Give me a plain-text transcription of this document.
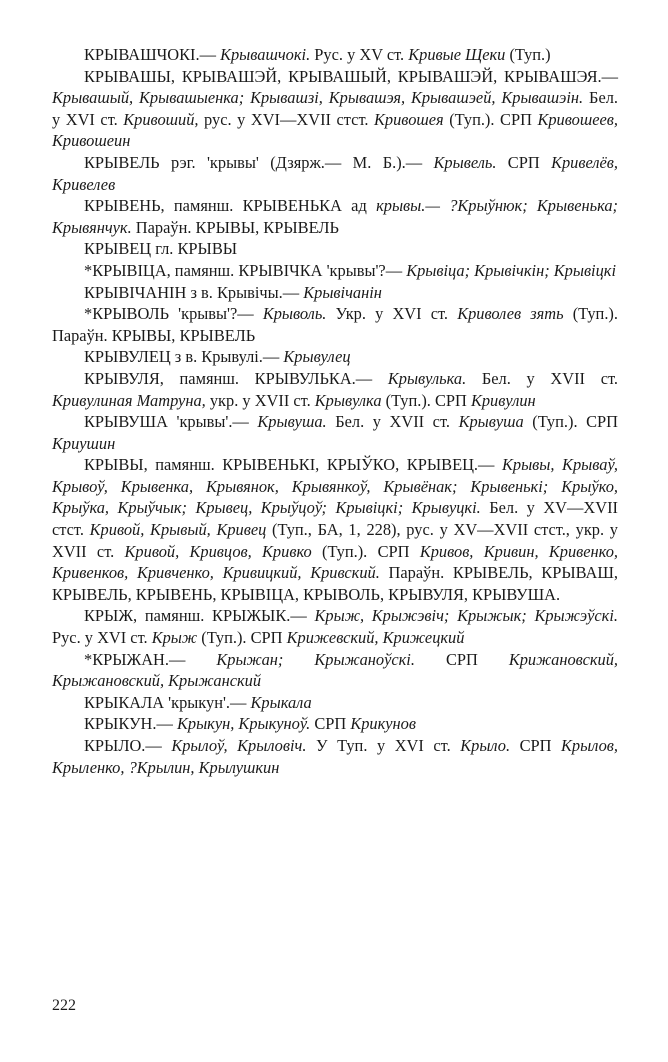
КРЫВАШЧОКІ.— Крывашчокі. Рус. у XV ст. Кривые Щеки (Туп.)

КРЫВАШЫ, КРЫВАШЭЙ, КРЫВАШЫЙ, КРЫВАШЭЙ, КРЫВАШЭЯ.— Крывашый, Крывашыенка; Крывашзі, Крывашэя, Крывашэей, Крывашэін. Бел. у XVI ст. Кривоший, рус. у XVI—XVII стст. Кривошея (Туп.). СРП Кривошеев, Кривошеин

КРЫВЕЛЬ рэг. 'крывы' (Дзярж.— М. Б.).— Крывель. СРП Кривелёв, Кривелев

КРЫВЕНЬ, памянш. КРЫВЕНЬКА ад крывы.— ?Крыўнюк; Крывенька; Крывянчук. Параўн. КРЫВЫ, КРЫВЕЛЬ

КРЫВЕЦ гл. КРЫВЫ

*КРЫВІЦА, памянш. КРЫВІЧКА 'крывы'?— Крывіца; Крывічкін; Крывіцкі

КРЫВІЧАНІН з в. Крывічы.— Крывічанін

*КРЫВОЛЬ 'крывы'?— Крыволь. Укр. у XVI ст. Криволев зять (Туп.). Параўн. КРЫВЫ, КРЫВЕЛЬ

КРЫВУЛЕЦ з в. Крывулі.— Крывулец

КРЫВУЛЯ, памянш. КРЫВУЛЬКА.— Крывулька. Бел. у XVII ст. Кривулиная Матруна, укр. у XVII ст. Крывулка (Туп.). СРП Кривулин

КРЫВУША 'крывы'.— Крывуша. Бел. у XVII ст. Крывуша (Туп.). СРП Криушин

КРЫВЫ, памянш. КРЫВЕНЬКІ, КРЫЎКО, КРЫВЕЦ.— Крывы, Крываў, Крывоў, Крывенка, Крывянок, Крывянкоў, Крывёнак; Крывенькі; Крыўко, Крыўка, Крыўчык; Крывец, Крыўцоў; Крывіцкі; Крывуцкі. Бел. у XV—XVII стст. Кривой, Крывый, Кривец (Туп., БА, 1, 228), рус. у XV—XVII стст., укр. у XVII ст. Кривой, Кривцов, Кривко (Туп.). СРП Кривов, Кривин, Кривенко, Кривенков, Кривченко, Кривицкий, Кривский. Параўн. КРЫВЕЛЬ, КРЫВАШ, КРЫВЕЛЬ, КРЫВЕНЬ, КРЫВІЦА, КРЫВОЛЬ, КРЫВУЛЯ, КРЫВУША.

КРЫЖ, памянш. КРЫЖЫК.— Крыж, Крыжэвіч; Крыжык; Крыжэўскі. Рус. у XVI ст. Крыж (Туп.). СРП Крижевский, Крижецкий

*КРЫЖАН.— Крыжан; Крыжаноўскі. СРП Крижановский, Крыжановский, Крыжанский

КРЫКАЛА 'крыкун'.— Крыкала

КРЫКУН.— Крыкун, Крыкуноў. СРП Крикунов

КРЫЛО.— Крылоў, Крыловіч. У Туп. у XVI ст. Крыло. СРП Крылов, Крыленко, ?Крылин, Крылушкин

222
